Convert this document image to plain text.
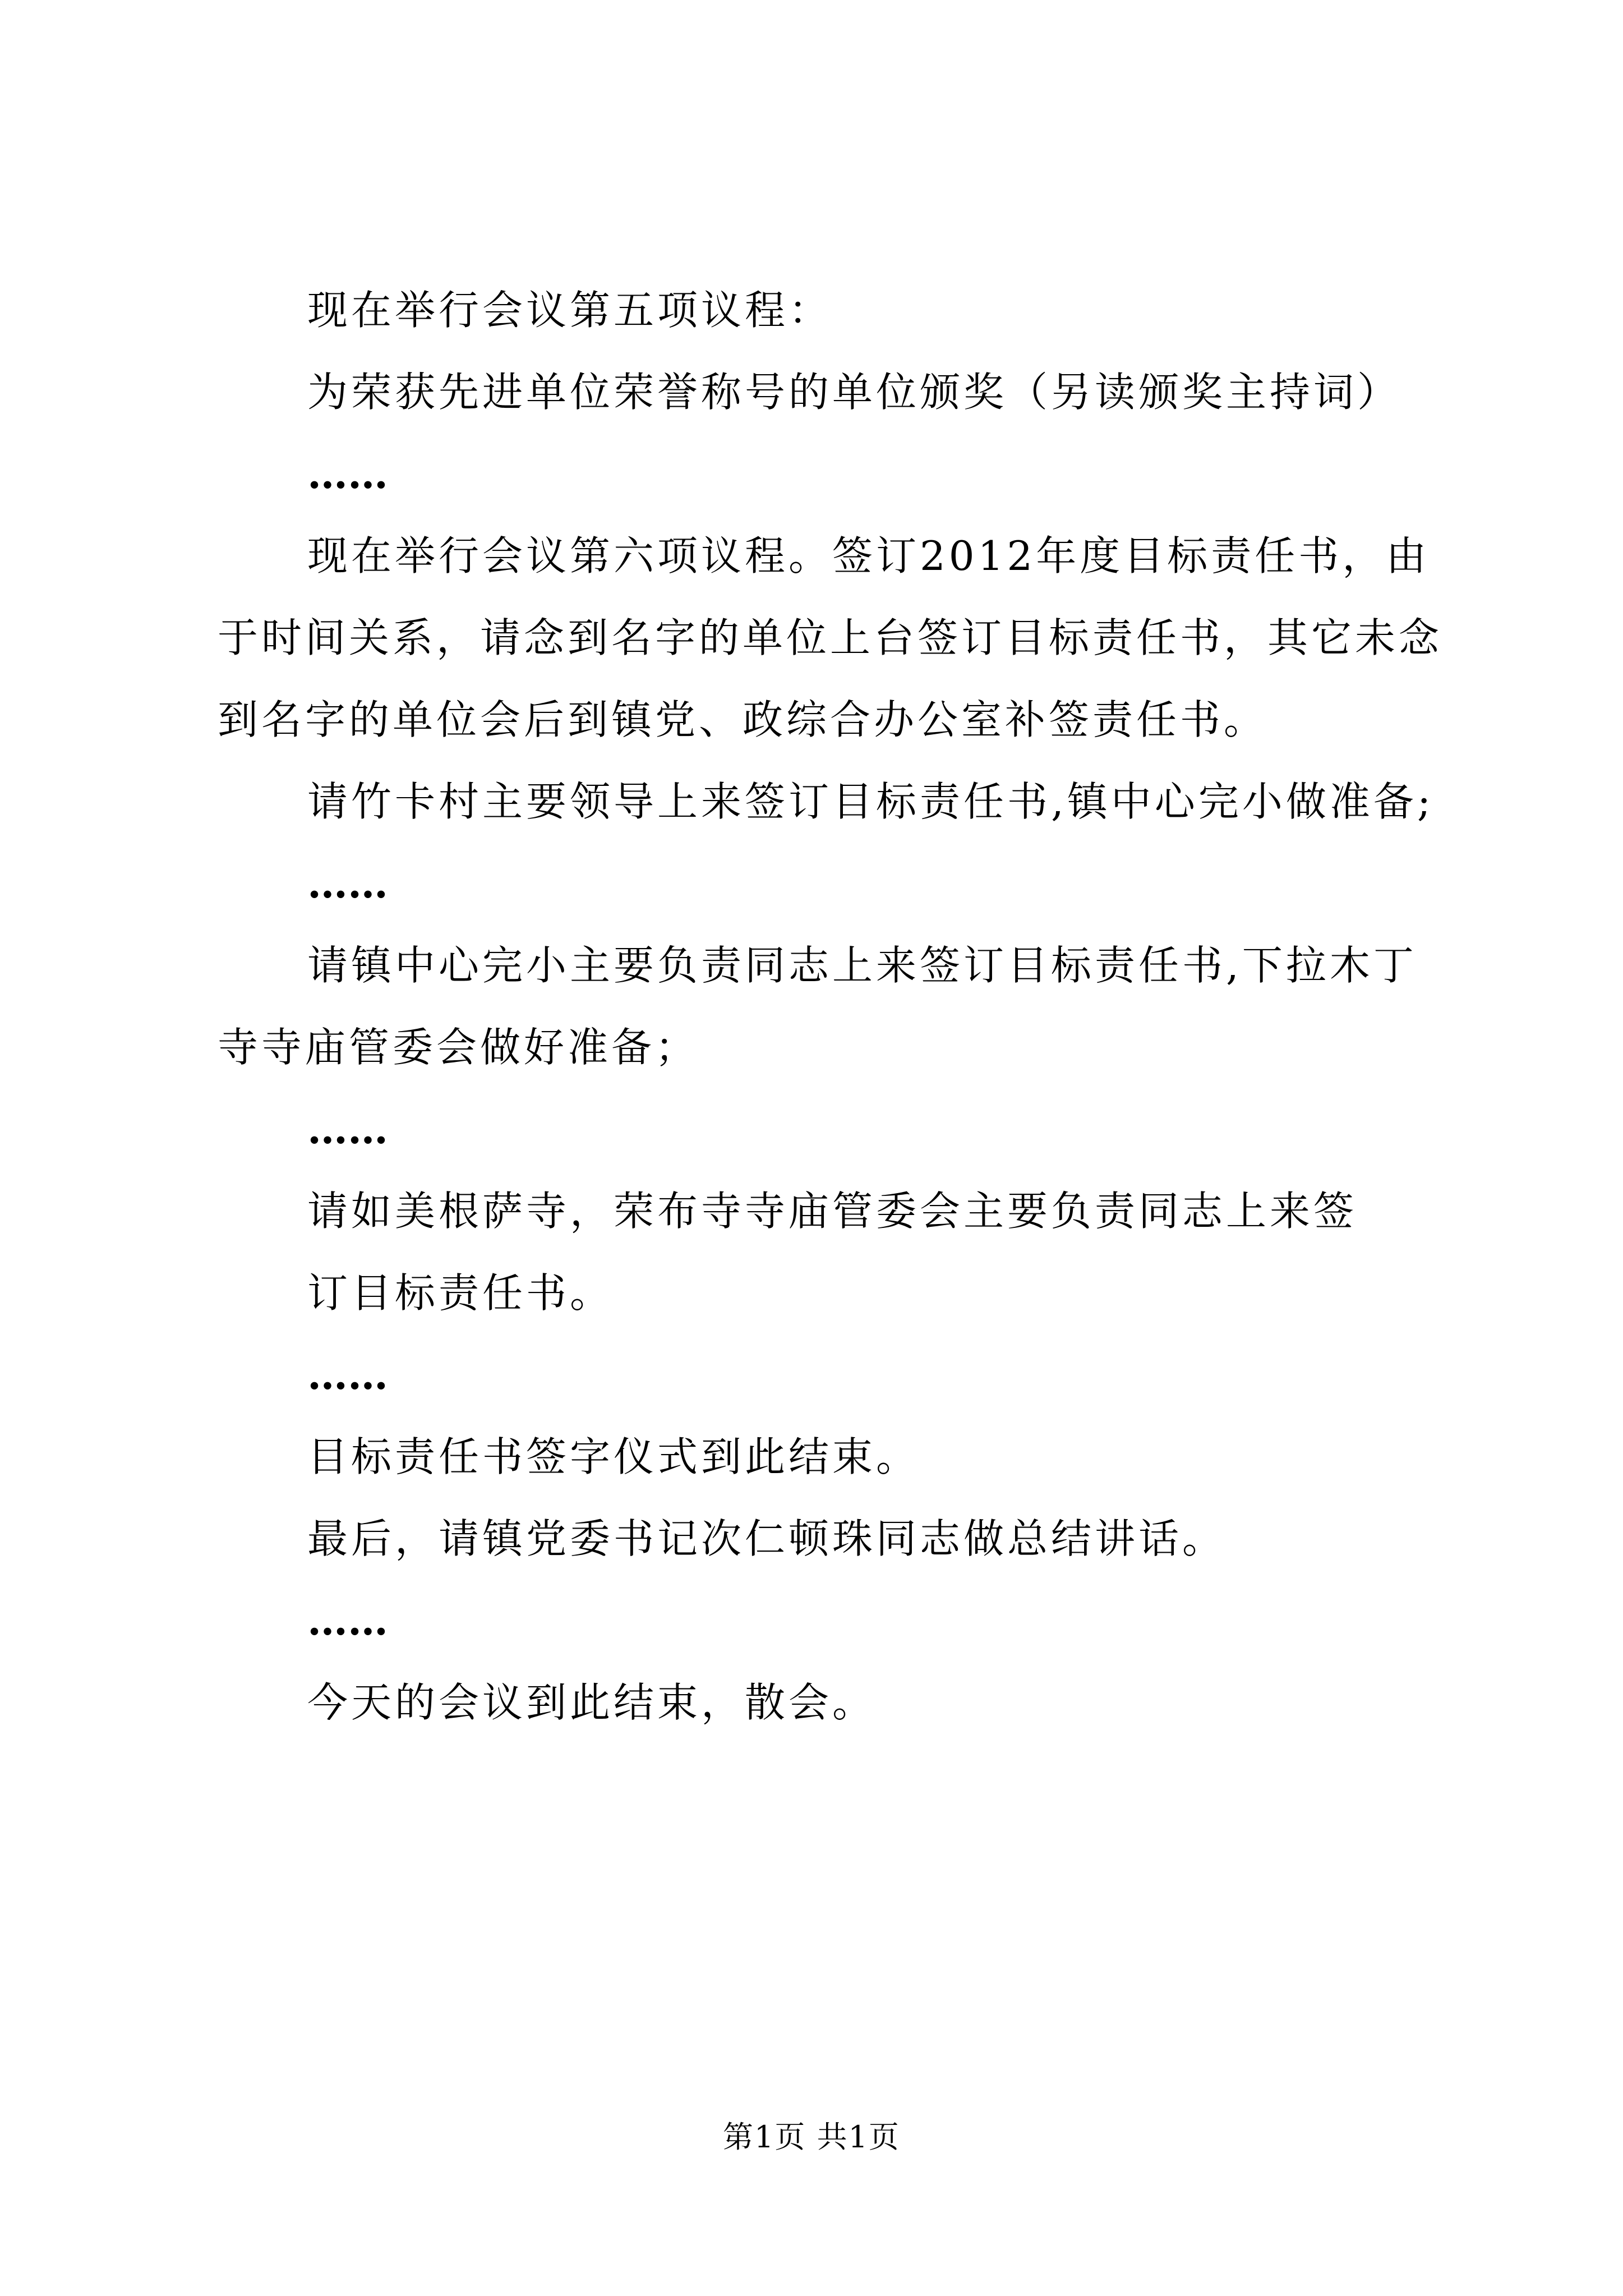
现在举行会议第五项议程：
为荣获先进单位荣誉称号的单位颁奖（另读颁奖主持词）
……
现在举行会议第六项议程。签订2012年度目标责任书，由
于时间关系，请念到名字的单位上台签订目标责任书，其它未念
到名字的单位会后到镇党、政综合办公室补签责任书。
请竹卡村主要领导上来签订目标责任书,镇中心完小做准备;
……
请镇中心完小主要负责同志上来签订目标责任书,下拉木丁
寺寺庙管委会做好准备；
……
请如美根萨寺，荣布寺寺庙管委会主要负责同志上来签
订目标责任书。
……
目标责任书签字仪式到此结束。
最后，请镇党委书记次仁顿珠同志做总结讲话。
……
今天的会议到此结束，散会。
第1页 共1页
